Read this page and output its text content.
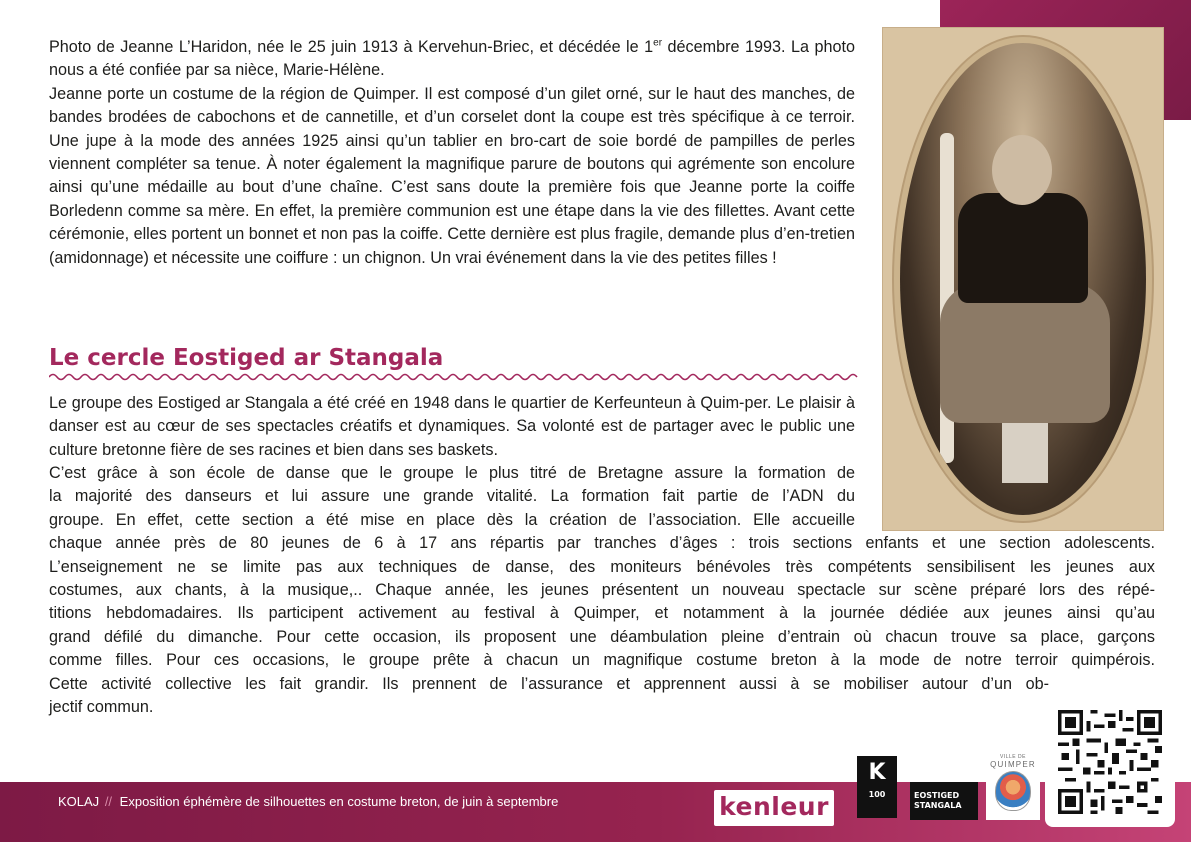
Photo de Jeanne L’Haridon, née le 25 juin 1913 à Kervehun-Briec, et décédée le 1er décembre 1993. La photo nous a été confiée par sa nièce, Marie-Hélène.

Jeanne porte un costume de la région de Quimper. Il est composé d’un gilet orné, sur le haut des manches, de bandes brodées de cabochons et de cannetille, et d’un corselet dont la coupe est très spécifique à ce terroir. Une jupe à la mode des années 1925 ainsi qu’un tablier en bro-cart de soie bordé de pampilles de perles viennent compléter sa tenue. À noter également la magnifique parure de boutons qui agrémente son encolure ainsi qu’une médaille au bout d’une chaîne. C’est sans doute la première fois que Jeanne porte la coiffe Borledenn comme sa mère. En effet, la première communion est une étape dans la vie des fillettes. Avant cette cérémonie, elles portent un bonnet et non pas la coiffe. Cette dernière est plus fragile, demande plus d’en-tretien (amidonnage) et nécessite une coiffure : un chignon. Un vrai événement dans la vie des petites filles !

Le cercle Eostiged ar Stangala

Le groupe des Eostiged ar Stangala a été créé en 1948 dans le quartier de Kerfeunteun à Quim-per. Le plaisir à danser est au cœur de ses spectacles créatifs et dynamiques. Sa volonté est de partager avec le public une culture bretonne fière de ses racines et bien dans ses baskets.

C’est grâce à son école de danse que le groupe le plus titré de Bretagne assure la formation de
la majorité des danseurs et lui assure une grande vitalité. La formation fait partie de l’ADN du
groupe. En effet, cette section a été mise en place dès la création de l’association. Elle accueille
chaque année près de 80 jeunes de 6 à 17 ans répartis par tranches d’âges : trois sections enfants et une section adolescents.
L’enseignement ne se limite pas aux techniques de danse, des moniteurs bénévoles très compétents sensibilisent les jeunes aux
costumes, aux chants, à la musique,.. Chaque année, les jeunes présentent un nouveau spectacle sur scène préparé lors des répé-
titions hebdomadaires. Ils participent activement au festival à Quimper, et notamment à la journée dédiée aux jeunes ainsi qu’au
grand défilé du dimanche. Pour cette occasion, ils proposent une déambulation pleine d’entrain où chacun trouve sa place, garçons
comme filles. Pour ces occasions, le groupe prête à chacun un magnifique costume breton à la mode de notre terroir quimpérois.
Cette activité collective les fait grandir. Ils prennent de l’assurance et apprennent aussi à se mobiliser autour d’un ob-
jectif commun.
KOLAJ // Exposition éphémère de silhouettes en costume breton, de juin à septembre	kenleur
K
100	EOSTIGED
STANGALA
VILLE DE
QUIMPER
